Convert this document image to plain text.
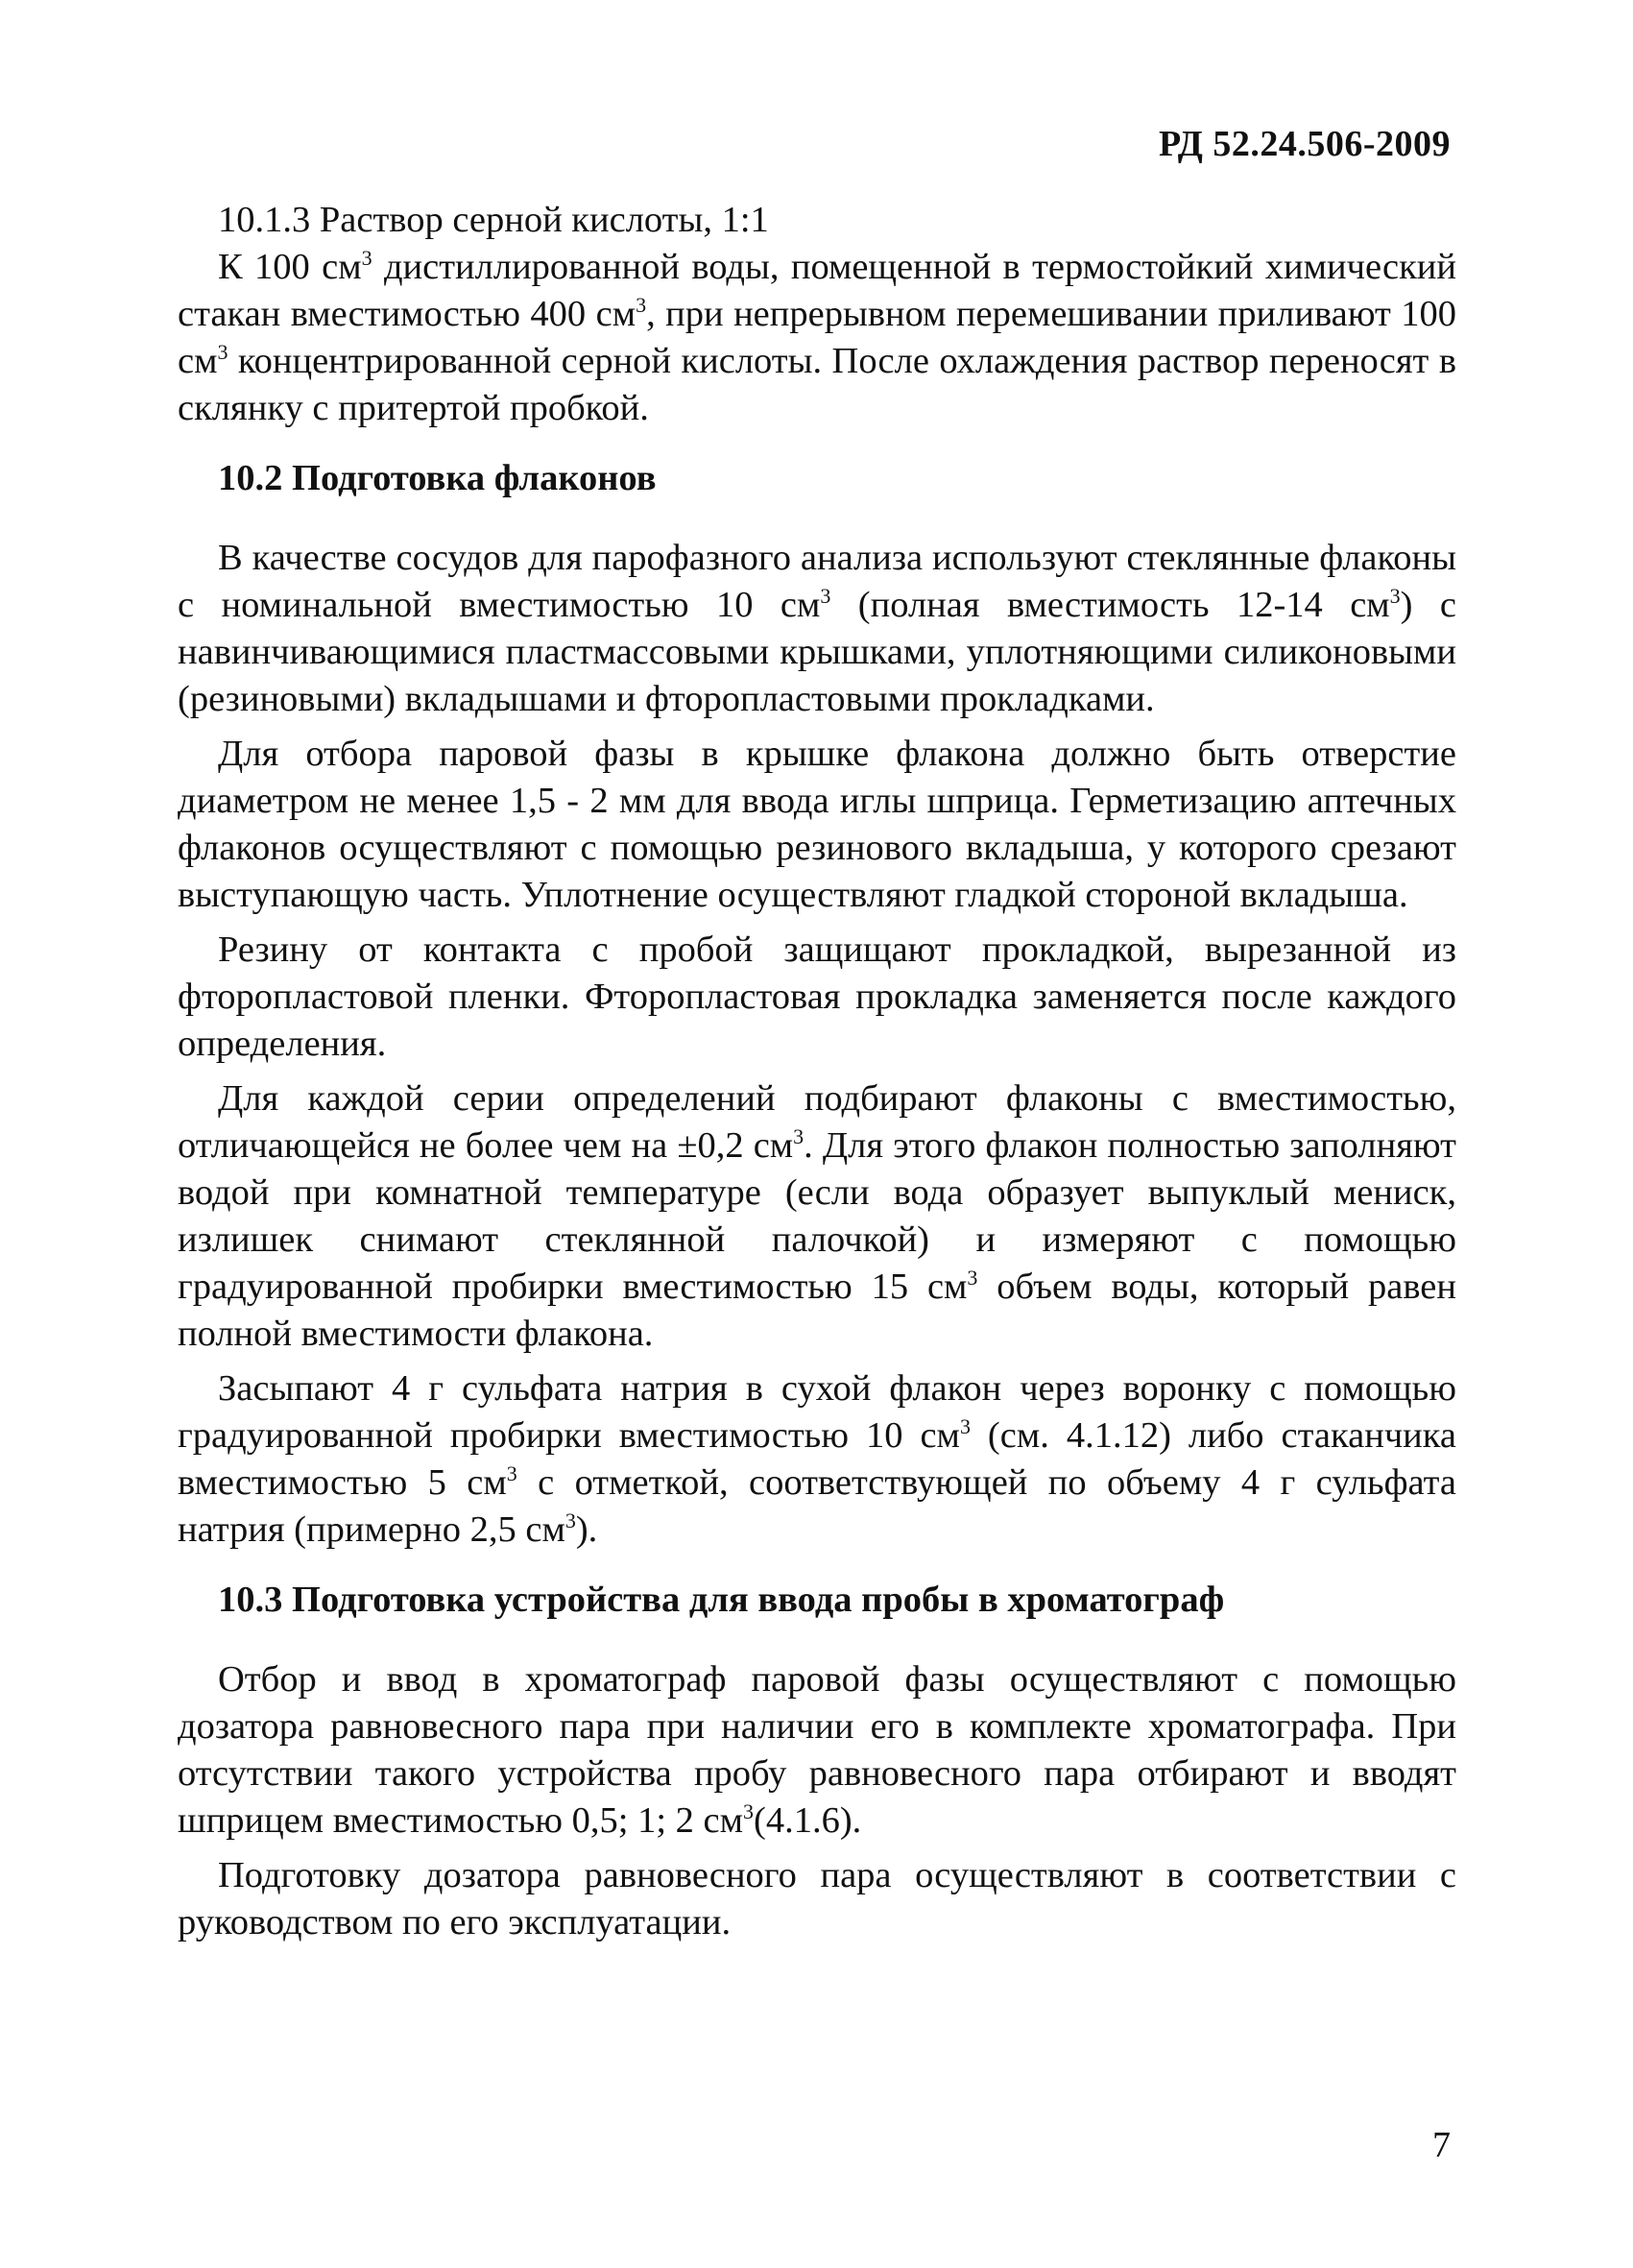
РД 52.24.506-2009

10.1.3 Раствор серной кислоты, 1:1

К 100 $см^3$ дистиллированной воды, помещенной в термостойкий химический стакан вместимостью 400 $см^3$, при непрерывном перемешивании приливают 100 $см^3$ концентрированной серной кислоты. После охлаждения раствор переносят в склянку с притертой пробкой.

10.2 Подготовка флаконов

В качестве сосудов для парофазного анализа используют стеклянные флаконы с номинальной вместимостью 10 $см^3$ (полная вместимость 12-14 $см^3$) с навинчивающимися пластмассовыми крышками, уплотняющими силиконовыми (резиновыми) вкладышами и фторопластовыми прокладками.

Для отбора паровой фазы в крышке флакона должно быть отверстие диаметром не менее 1,5 - 2 мм для ввода иглы шприца. Герметизацию аптечных флаконов осуществляют с помощью резинового вкладыша, у которого срезают выступающую часть. Уплотнение осуществляют гладкой стороной вкладыша.

Резину от контакта с пробой защищают прокладкой, вырезанной из фторопластовой пленки. Фторопластовая прокладка заменяется после каждого определения.

Для каждой серии определений подбирают флаконы с вместимостью, отличающейся не более чем на ±0,2 $см^3$. Для этого флакон полностью заполняют водой при комнатной температуре (если вода образует выпуклый мениск, излишек снимают стеклянной палочкой) и измеряют с помощью градуированной пробирки вместимостью 15 $см^3$ объем воды, который равен полной вместимости флакона.

Засыпают 4 г сульфата натрия в сухой флакон через воронку с помощью градуированной пробирки вместимостью 10 $см^3$ (см. 4.1.12) либо стаканчика вместимостью 5 $см^3$ с отметкой, соответствующей по объему 4 г сульфата натрия (примерно 2,5 $см^3$).

10.3 Подготовка устройства для ввода пробы в хроматограф

Отбор и ввод в хроматограф паровой фазы осуществляют с помощью дозатора равновесного пара при наличии его в комплекте хроматографа. При отсутствии такого устройства пробу равновесного пара отбирают и вводят шприцем вместимостью 0,5; 1; 2 $см^3(4.1.6)$.

Подготовку дозатора равновесного пара осуществляют в соответствии с руководством по его эксплуатации.

7
